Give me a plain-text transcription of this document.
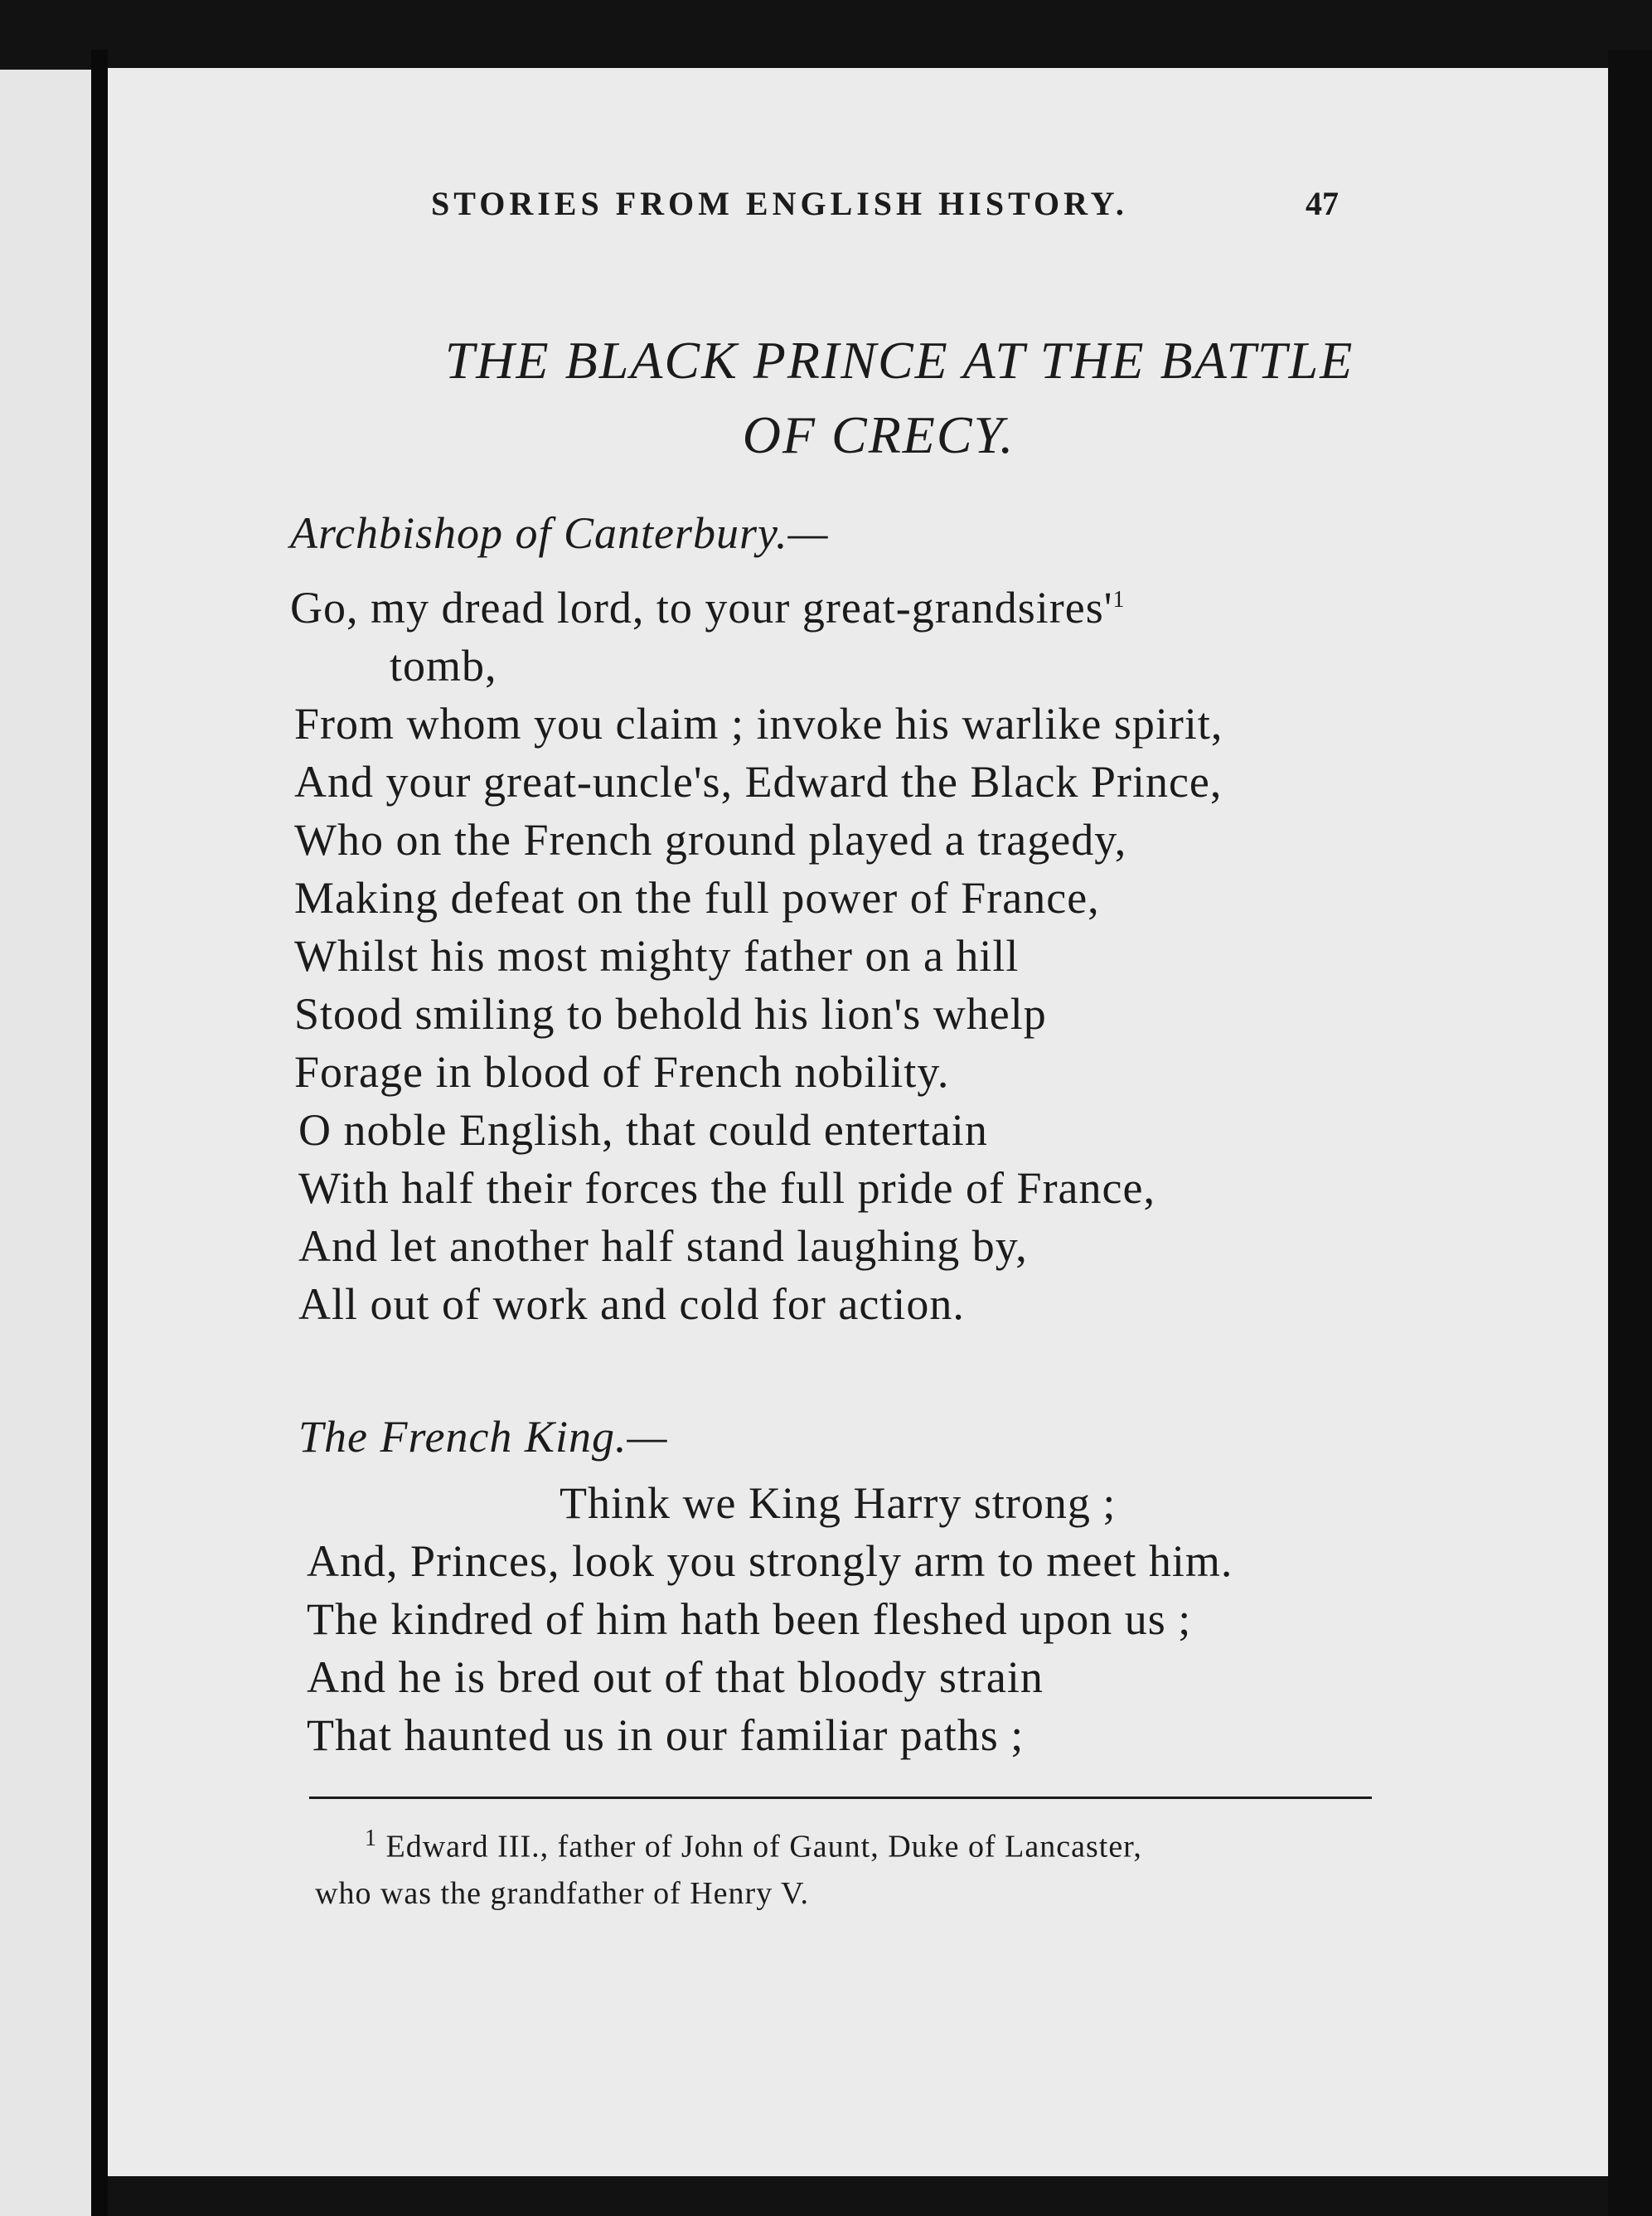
STORIES FROM ENGLISH HISTORY.	47
THE BLACK PRINCE AT THE BATTLE
OF CRECY.
Archbishop of Canterbury.—
Go, my dread lord, to your great-$grandsires'^1$
tomb,
From whom you claim ; invoke his warlike spirit,
And your great-uncle's, Edward the Black Prince,
Who on the French ground played a tragedy,
Making defeat on the full power of France,
Whilst his most mighty father on a hill
Stood smiling to behold his lion's whelp
Forage in blood of French nobility.
O noble English, that could entertain
With half their forces the full pride of France,
And let another half stand laughing by,
All out of work and cold for action.
The French King.—
Think we King Harry strong ;
And, Princes, look you strongly arm to meet him.
The kindred of him hath been fleshed upon us ;
And he is bred out of that bloody strain
That haunted us in our familiar paths ;
$^1$ Edward III., father of John of Gaunt, Duke of Lancaster,
who was the grandfather of Henry V.
